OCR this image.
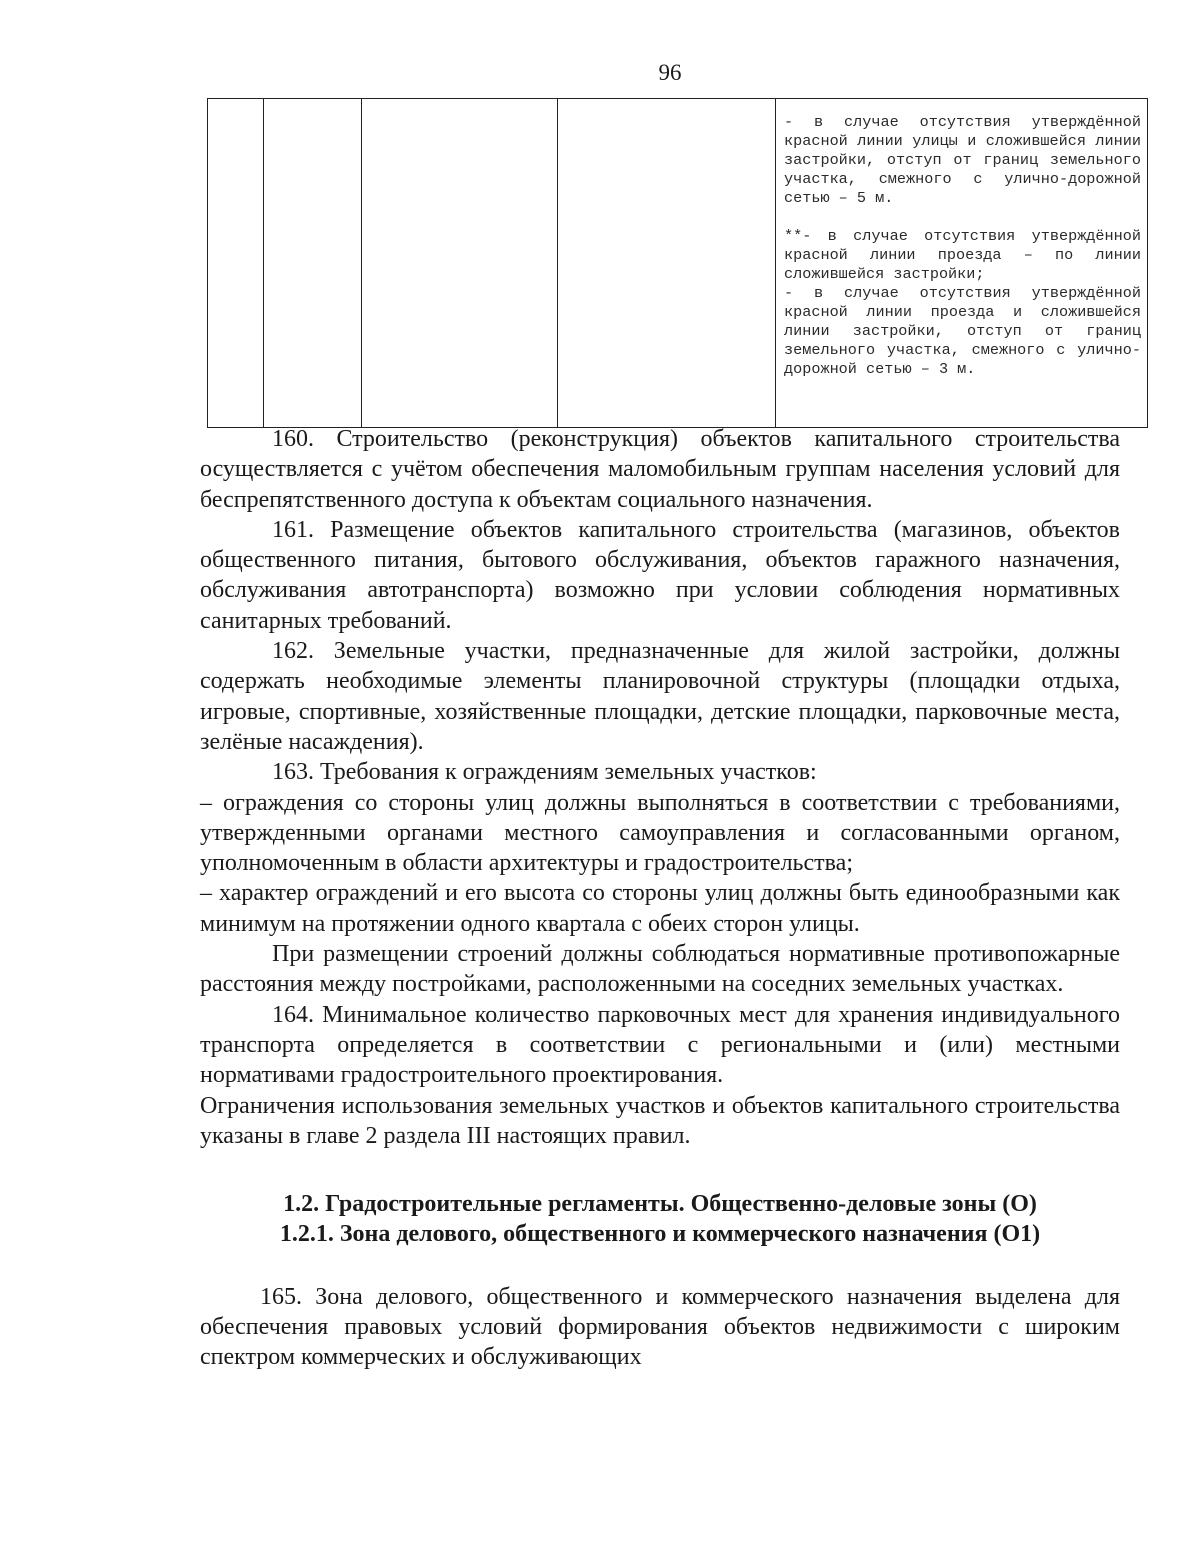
96

- в случае отсутствия утверждённой красной линии улицы и сложившейся линии застройки, отступ от границ земельного участка, смежного с улично-дорожной сетью – 5 м.

**- в случае отсутствия утверждённой красной линии проезда – по линии сложившейся застройки;

- в случае отсутствия утверждённой красной линии проезда и сложившейся линии застройки, отступ от границ земельного участка, смежного с улично-дорожной сетью – 3 м.

160. Строительство (реконструкция) объектов капитального строительства осуществляется с учётом обеспечения маломобильным группам населения условий для беспрепятственного доступа к объектам социального назначения.

161. Размещение объектов капитального строительства (магазинов, объектов общественного питания, бытового обслуживания, объектов гаражного назначения, обслуживания автотранспорта) возможно при условии соблюдения нормативных санитарных требований.

162. Земельные участки, предназначенные для жилой застройки, должны содержать необходимые элементы планировочной структуры (площадки отдыха, игровые, спортивные, хозяйственные площадки, детские площадки, парковочные места, зелёные насаждения).

163. Требования к ограждениям земельных участков:

– ограждения со стороны улиц должны выполняться в соответствии с требованиями, утвержденными органами местного самоуправления и согласованными органом, уполномоченным в области архитектуры и градостроительства;

– характер ограждений и его высота со стороны улиц должны быть единообразными как минимум на протяжении одного квартала с обеих сторон улицы.

При размещении строений должны соблюдаться нормативные противопожарные расстояния между постройками, расположенными на соседних земельных участках.

164. Минимальное количество парковочных мест для хранения индивидуального транспорта определяется в соответствии с региональными и (или) местными нормативами градостроительного проектирования.

Ограничения использования земельных участков и объектов капитального строительства указаны в главе 2 раздела III настоящих правил.

1.2. Градостроительные регламенты. Общественно-деловые зоны (О)

1.2.1. Зона делового, общественного и коммерческого назначения (О1)

165. Зона делового, общественного и коммерческого назначения выделена для обеспечения правовых условий формирования объектов недвижимости с широким спектром коммерческих и обслуживающих
